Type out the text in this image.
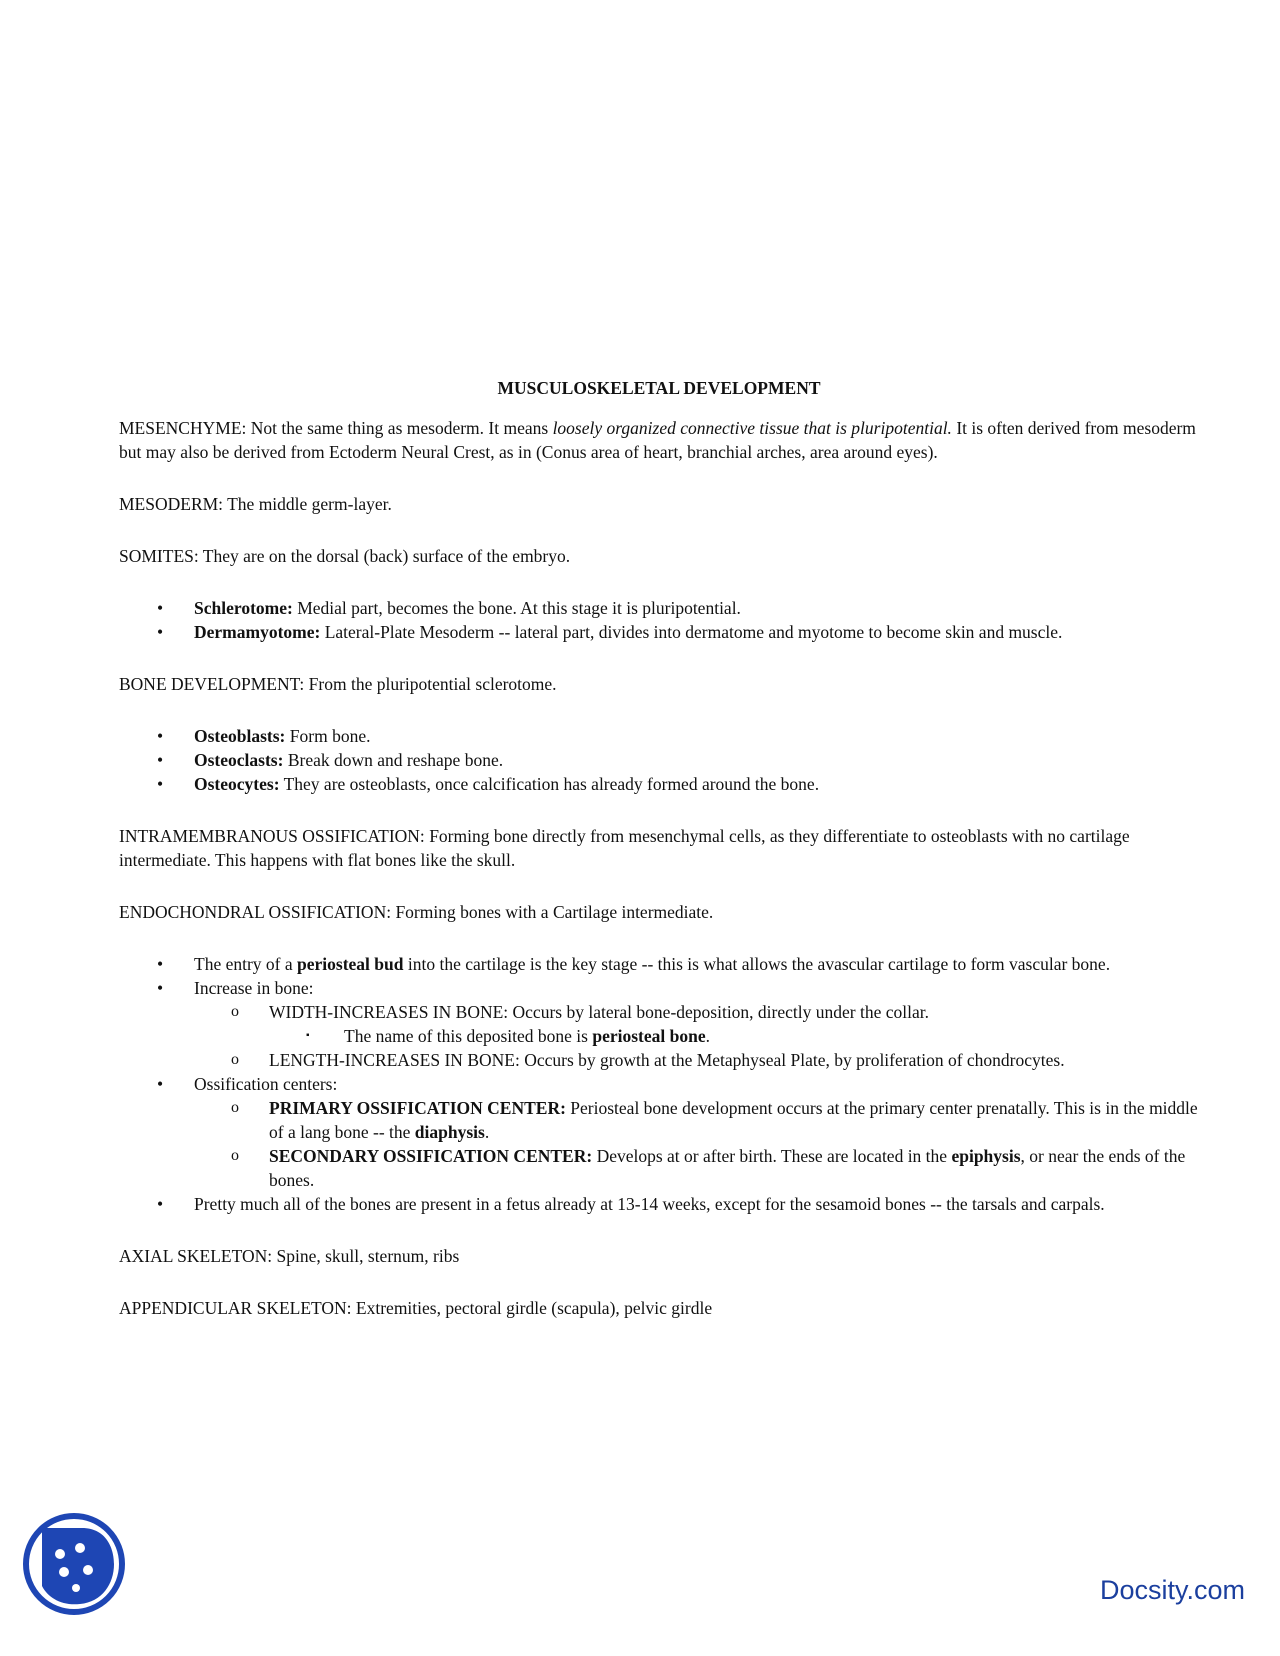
MUSCULOSKELETAL DEVELOPMENT

MESENCHYME: Not the same thing as mesoderm. It means loosely organized connective tissue that is pluripotential. It is often derived from mesoderm but may also be derived from Ectoderm Neural Crest, as in (Conus area of heart, branchial arches, area around eyes).

MESODERM: The middle germ-layer.

SOMITES: They are on the dorsal (back) surface of the embryo.

• Schlerotome: Medial part, becomes the bone. At this stage it is pluripotential.
• Dermamyotome: Lateral-Plate Mesoderm -- lateral part, divides into dermatome and myotome to become skin and muscle.

BONE DEVELOPMENT: From the pluripotential sclerotome.

• Osteoblasts: Form bone.
• Osteoclasts: Break down and reshape bone.
• Osteocytes: They are osteoblasts, once calcification has already formed around the bone.

INTRAMEMBRANOUS OSSIFICATION: Forming bone directly from mesenchymal cells, as they differentiate to osteoblasts with no cartilage intermediate. This happens with flat bones like the skull.

ENDOCHONDRAL OSSIFICATION: Forming bones with a Cartilage intermediate.

• The entry of a periosteal bud into the cartilage is the key stage -- this is what allows the avascular cartilage to form vascular bone.
• Increase in bone:
o WIDTH-INCREASES IN BONE: Occurs by lateral bone-deposition, directly under the collar.
▪ The name of this deposited bone is periosteal bone.
o LENGTH-INCREASES IN BONE: Occurs by growth at the Metaphyseal Plate, by proliferation of chondrocytes.
• Ossification centers:
o PRIMARY OSSIFICATION CENTER: Periosteal bone development occurs at the primary center prenatally. This is in the middle of a lang bone -- the diaphysis.
o SECONDARY OSSIFICATION CENTER: Develops at or after birth. These are located in the epiphysis, or near the ends of the bones.
• Pretty much all of the bones are present in a fetus already at 13-14 weeks, except for the sesamoid bones -- the tarsals and carpals.

AXIAL SKELETON: Spine, skull, sternum, ribs

APPENDICULAR SKELETON: Extremities, pectoral girdle (scapula), pelvic girdle

Docsity.com
